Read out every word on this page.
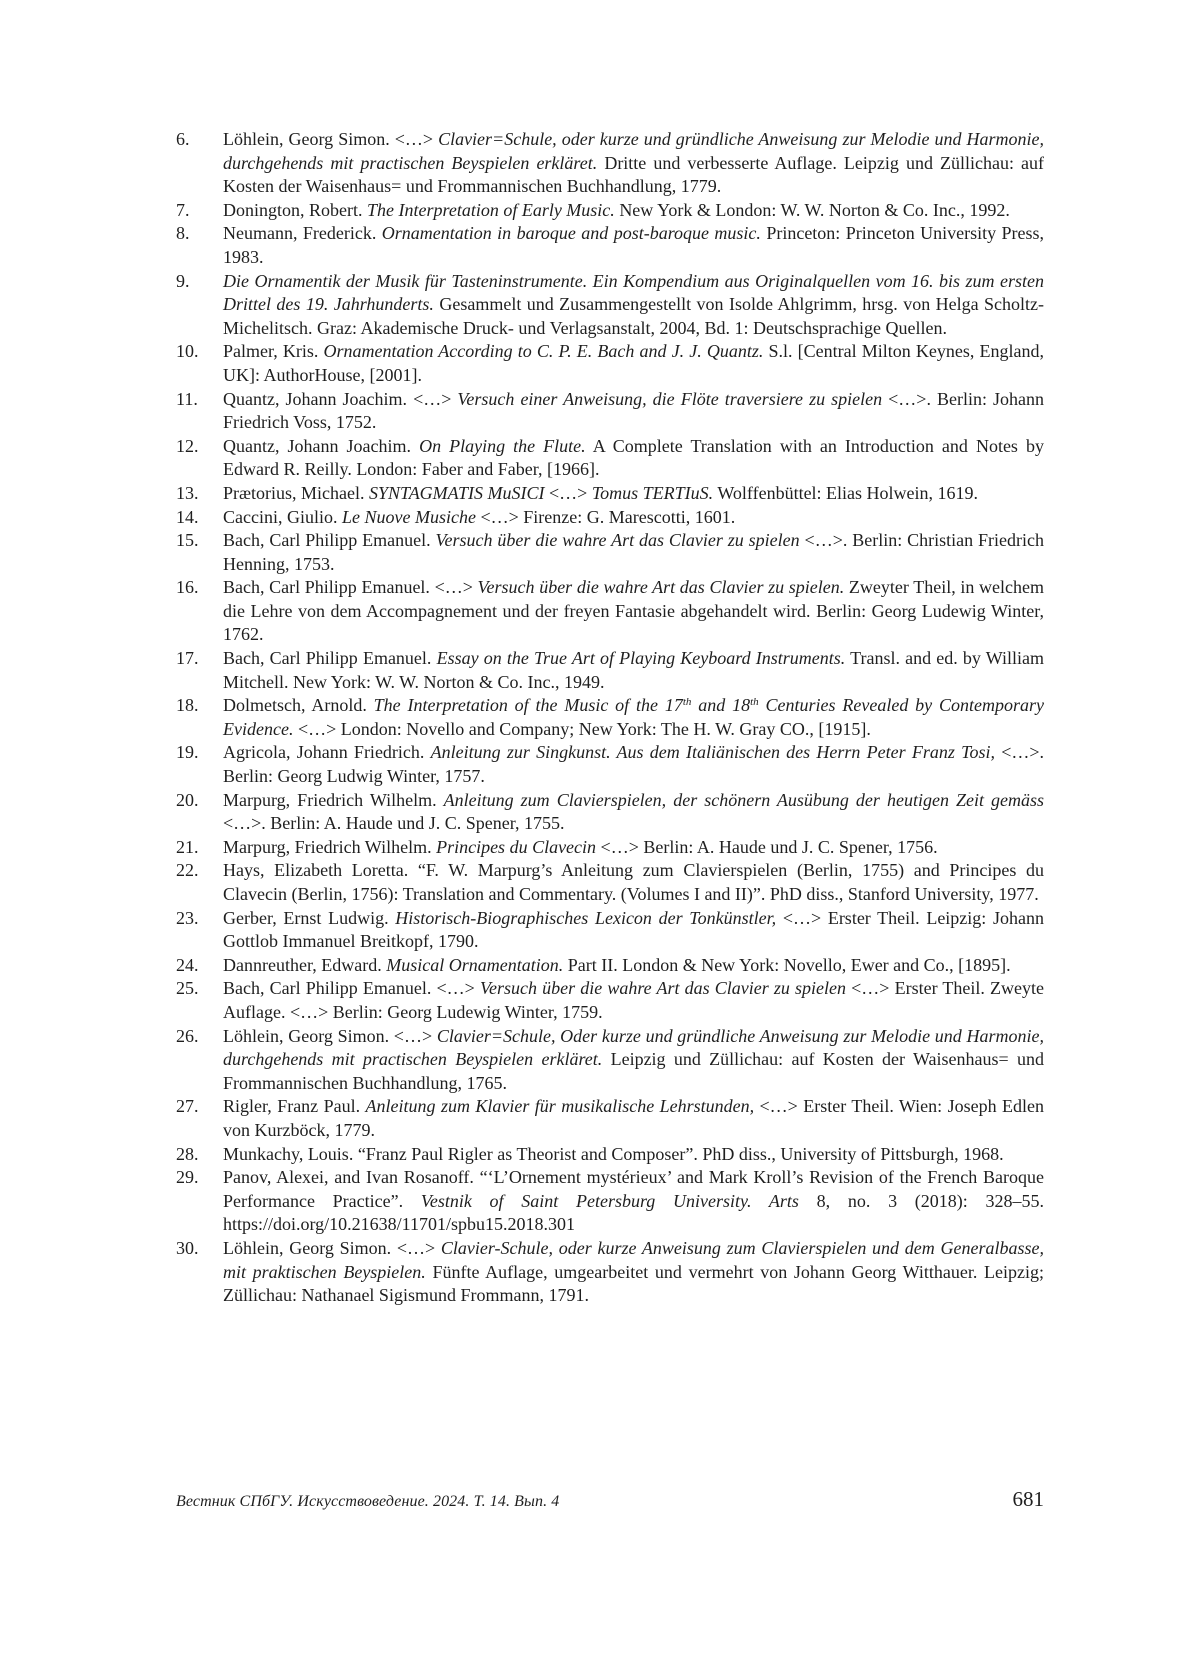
6. Löhlein, Georg Simon. <…> Clavier=Schule, oder kurze und gründliche Anweisung zur Melodie und Harmonie, durchgehends mit practischen Beyspielen erkläret. Dritte und verbesserte Auflage. Leipzig und Züllichau: auf Kosten der Waisenhaus= und Frommannischen Buchhandlung, 1779.
7. Donington, Robert. The Interpretation of Early Music. New York & London: W. W. Norton & Co. Inc., 1992.
8. Neumann, Frederick. Ornamentation in baroque and post-baroque music. Princeton: Princeton University Press, 1983.
9. Die Ornamentik der Musik für Tasteninstrumente. Ein Kompendium aus Originalquellen vom 16. bis zum ersten Drittel des 19. Jahrhunderts. Gesammelt und Zusammengestellt von Isolde Ahlgrimm, hrsg. von Helga Scholtz-Michelitsch. Graz: Akademische Druck- und Verlagsanstalt, 2004, Bd. 1: Deutschsprachige Quellen.
10. Palmer, Kris. Ornamentation According to C. P. E. Bach and J. J. Quantz. S.l. [Central Milton Keynes, England, UK]: AuthorHouse, [2001].
11. Quantz, Johann Joachim. <…> Versuch einer Anweisung, die Flöte traversiere zu spielen <…>. Berlin: Johann Friedrich Voss, 1752.
12. Quantz, Johann Joachim. On Playing the Flute. A Complete Translation with an Introduction and Notes by Edward R. Reilly. London: Faber and Faber, [1966].
13. Prætorius, Michael. SYNTAGMATIS MuSICI <…> Tomus TERTIuS. Wolffenbüttel: Elias Holwein, 1619.
14. Caccini, Giulio. Le Nuove Musiche <…> Firenze: G. Marescotti, 1601.
15. Bach, Carl Philipp Emanuel. Versuch über die wahre Art das Clavier zu spielen <…>. Berlin: Christian Friedrich Henning, 1753.
16. Bach, Carl Philipp Emanuel. <…> Versuch über die wahre Art das Clavier zu spielen. Zweyter Theil, in welchem die Lehre von dem Accompagnement und der freyen Fantasie abgehandelt wird. Berlin: Georg Ludewig Winter, 1762.
17. Bach, Carl Philipp Emanuel. Essay on the True Art of Playing Keyboard Instruments. Transl. and ed. by William Mitchell. New York: W. W. Norton & Co. Inc., 1949.
18. Dolmetsch, Arnold. The Interpretation of the Music of the 17th and 18th Centuries Revealed by Contemporary Evidence. <…> London: Novello and Company; New York: The H. W. Gray CO., [1915].
19. Agricola, Johann Friedrich. Anleitung zur Singkunst. Aus dem Italiänischen des Herrn Peter Franz Tosi, <…>. Berlin: Georg Ludwig Winter, 1757.
20. Marpurg, Friedrich Wilhelm. Anleitung zum Clavierspielen, der schönern Ausübung der heutigen Zeit gemäss <…>. Berlin: A. Haude und J. C. Spener, 1755.
21. Marpurg, Friedrich Wilhelm. Principes du Clavecin <…> Berlin: A. Haude und J. C. Spener, 1756.
22. Hays, Elizabeth Loretta. “F. W. Marpurg’s Anleitung zum Clavierspielen (Berlin, 1755) and Principes du Clavecin (Berlin, 1756): Translation and Commentary. (Volumes I and II)”. PhD diss., Stanford University, 1977.
23. Gerber, Ernst Ludwig. Historisch-Biographisches Lexicon der Tonkünstler, <…> Erster Theil. Leipzig: Johann Gottlob Immanuel Breitkopf, 1790.
24. Dannreuther, Edward. Musical Ornamentation. Part II. London & New York: Novello, Ewer and Co., [1895].
25. Bach, Carl Philipp Emanuel. <…> Versuch über die wahre Art das Clavier zu spielen <…> Erster Theil. Zweyte Auflage. <…> Berlin: Georg Ludewig Winter, 1759.
26. Löhlein, Georg Simon. <…> Clavier=Schule, Oder kurze und gründliche Anweisung zur Melodie und Harmonie, durchgehends mit practischen Beyspielen erkläret. Leipzig und Züllichau: auf Kosten der Waisenhaus= und Frommannischen Buchhandlung, 1765.
27. Rigler, Franz Paul. Anleitung zum Klavier für musikalische Lehrstunden, <…> Erster Theil. Wien: Joseph Edlen von Kurzböck, 1779.
28. Munkachy, Louis. “Franz Paul Rigler as Theorist and Composer”. PhD diss., University of Pittsburgh, 1968.
29. Panov, Alexei, and Ivan Rosanoff. “‘L’Ornement mystérieux’ and Mark Kroll’s Revision of the French Baroque Performance Practice”. Vestnik of Saint Petersburg University. Arts 8, no. 3 (2018): 328–55. https://doi.org/10.21638/11701/spbu15.2018.301
30. Löhlein, Georg Simon. <…> Clavier-Schule, oder kurze Anweisung zum Clavierspielen und dem Generalbasse, mit praktischen Beyspielen. Fünfte Auflage, umgearbeitet und vermehrt von Johann Georg Witthauer. Leipzig; Züllichau: Nathanael Sigismund Frommann, 1791.
Вестник СПбГУ. Искусствоведение. 2024. Т. 14. Вып. 4	681
